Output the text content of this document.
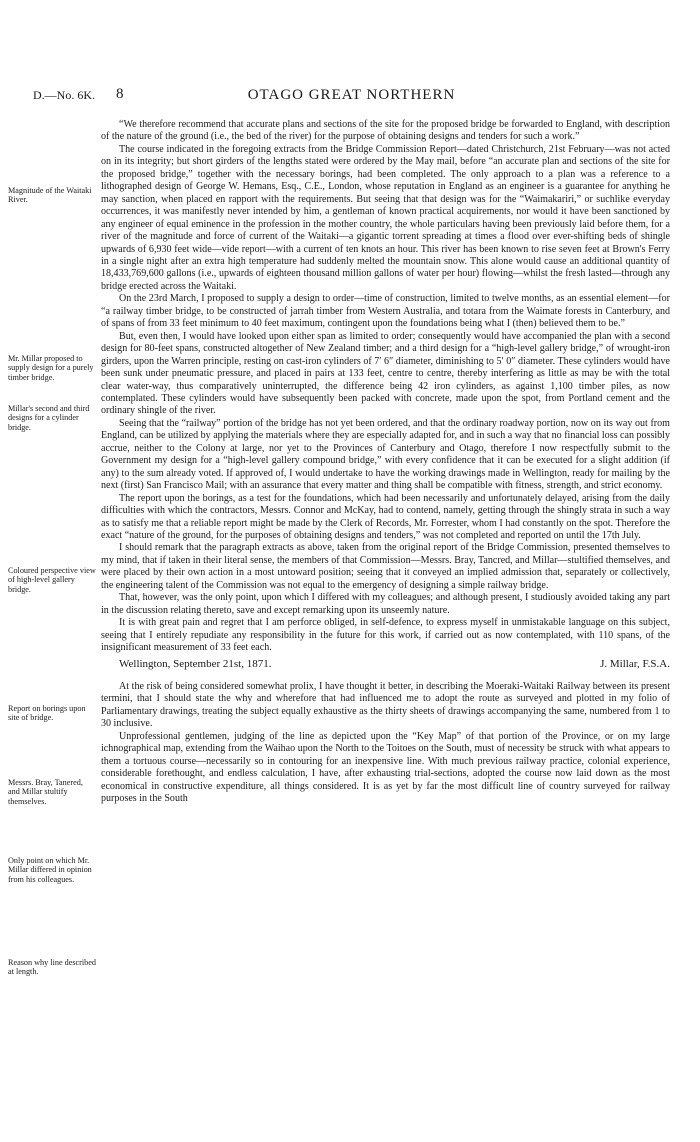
D.—No. 6K. 8	OTAGO GREAT NORTHERN
Magnitude of the Waitaki River.
Mr. Millar proposed to supply design for a purely timber bridge.
Millar's second and third designs for a cylinder bridge.
Coloured perspective view of high-level gallery bridge.
Report on borings upon site of bridge.
Messrs. Bray, Tanered, and Millar stultify themselves.
Only point on which Mr. Millar differed in opinion from his colleagues.
Reason why line described at length.

“We therefore recommend that accurate plans and sections of the site for the proposed bridge be forwarded to England, with description of the nature of the ground (i.e., the bed of the river) for the purpose of obtaining designs and tenders for such a work.”

The course indicated in the foregoing extracts from the Bridge Commission Report—dated Christchurch, 21st February—was not acted on in its integrity; but short girders of the lengths stated were ordered by the May mail, before “an accurate plan and sections of the site for the proposed bridge,” together with the necessary borings, had been completed. The only approach to a plan was a reference to a lithographed design of George W. Hemans, Esq., C.E., London, whose reputation in England as an engineer is a guarantee for anything he may sanction, when placed en rapport with the requirements. But seeing that that design was for the “Waimakariri,” or suchlike everyday occurrences, it was manifestly never intended by him, a gentleman of known practical acquirements, nor would it have been sanctioned by any engineer of equal eminence in the profession in the mother country, the whole particulars having been previously laid before them, for a river of the magnitude and force of current of the Waitaki—a gigantic torrent spreading at times a flood over ever-shifting beds of shingle upwards of 6,930 feet wide—vide report—with a current of ten knots an hour. This river has been known to rise seven feet at Brown's Ferry in a single night after an extra high temperature had suddenly melted the mountain snow. This alone would cause an additional quantity of 18,433,769,600 gallons (i.e., upwards of eighteen thousand million gallons of water per hour) flowing—whilst the fresh lasted—through any bridge erected across the Waitaki.

On the 23rd March, I proposed to supply a design to order—time of construction, limited to twelve months, as an essential element—for “a railway timber bridge, to be constructed of jarrah timber from Western Australia, and totara from the Waimate forests in Canterbury, and of spans of from 33 feet minimum to 40 feet maximum, contingent upon the foundations being what I (then) believed them to be.”

But, even then, I would have looked upon either span as limited to order; consequently would have accompanied the plan with a second design for 80-feet spans, constructed altogether of New Zealand timber; and a third design for a “high-level gallery bridge,” of wrought-iron girders, upon the Warren principle, resting on cast-iron cylinders of 7′ 6″ diameter, diminishing to 5′ 0″ diameter. These cylinders would have been sunk under pneumatic pressure, and placed in pairs at 133 feet, centre to centre, thereby interfering as little as may be with the total clear water-way, thus comparatively uninterrupted, the difference being 42 iron cylinders, as against 1,100 timber piles, as now contemplated. These cylinders would have subsequently been packed with concrete, made upon the spot, from Portland cement and the ordinary shingle of the river.

Seeing that the “railway” portion of the bridge has not yet been ordered, and that the ordinary roadway portion, now on its way out from England, can be utilized by applying the materials where they are especially adapted for, and in such a way that no financial loss can possibly accrue, neither to the Colony at large, nor yet to the Provinces of Canterbury and Otago, therefore I now respectfully submit to the Government my design for a “high-level gallery compound bridge,” with every confidence that it can be executed for a slight addition (if any) to the sum already voted. If approved of, I would undertake to have the working drawings made in Wellington, ready for mailing by the next (first) San Francisco Mail; with an assurance that every matter and thing shall be compatible with fitness, strength, and strict economy.

The report upon the borings, as a test for the foundations, which had been necessarily and unfortunately delayed, arising from the daily difficulties with which the contractors, Messrs. Connor and McKay, had to contend, namely, getting through the shingly strata in such a way as to satisfy me that a reliable report might be made by the Clerk of Records, Mr. Forrester, whom I had constantly on the spot. Therefore the exact “nature of the ground, for the purposes of obtaining designs and tenders,” was not completed and reported on until the 17th July.

I should remark that the paragraph extracts as above, taken from the original report of the Bridge Commission, presented themselves to my mind, that if taken in their literal sense, the members of that Commission—Messrs. Bray, Tancred, and Millar—stultified themselves, and were placed by their own action in a most untoward position; seeing that it conveyed an implied admission that, separately or collectively, the engineering talent of the Commission was not equal to the emergency of designing a simple railway bridge.

That, however, was the only point, upon which I differed with my colleagues; and although present, I studiously avoided taking any part in the discussion relating thereto, save and except remarking upon its unseemly nature.

It is with great pain and regret that I am perforce obliged, in self-defence, to express myself in unmistakable language on this subject, seeing that I entirely repudiate any responsibility in the future for this work, if carried out as now contemplated, with 110 spans, of the insignificant measurement of 33 feet each.

Wellington, September 21st, 1871.	J. Millar, F.S.A.

At the risk of being considered somewhat prolix, I have thought it better, in describing the Moeraki-Waitaki Railway between its present termini, that I should state the why and wherefore that had influenced me to adopt the route as surveyed and plotted in my folio of Parliamentary drawings, treating the subject equally exhaustive as the thirty sheets of drawings accompanying the same, numbered from 1 to 30 inclusive.

Unprofessional gentlemen, judging of the line as depicted upon the “Key Map” of that portion of the Province, or on my large ichnographical map, extending from the Waihao upon the North to the Toitoes on the South, must of necessity be struck with what appears to them a tortuous course—necessarily so in contouring for an inexpensive line. With much previous railway practice, colonial experience, considerable forethought, and endless calculation, I have, after exhausting trial-sections, adopted the course now laid down as the most economical in constructive expenditure, all things considered. It is as yet by far the most difficult line of country surveyed for railway purposes in the South
